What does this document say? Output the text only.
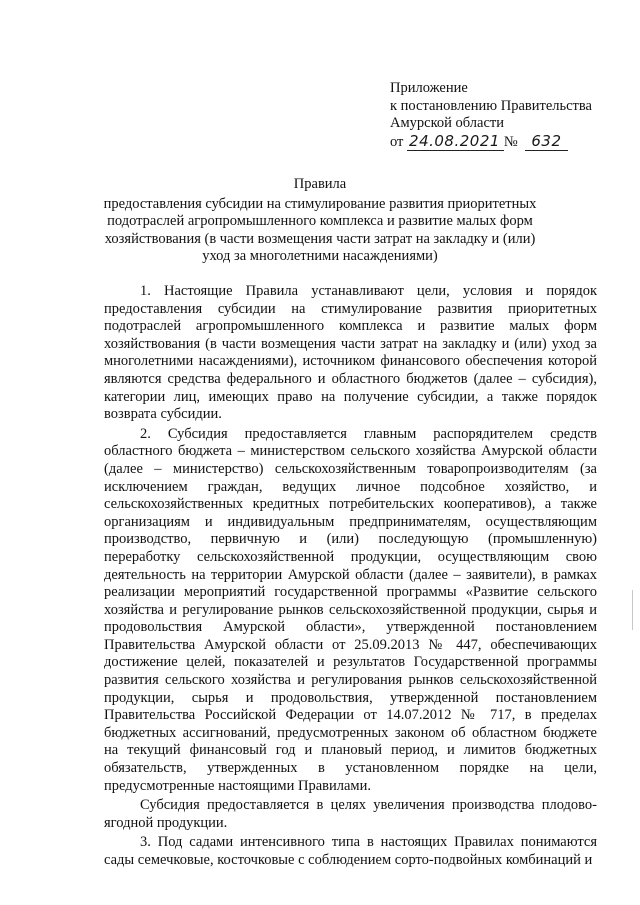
Приложение
к постановлению Правительства
Амурской области
от 24.08.2021 № 632
Правила
предоставления субсидии на стимулирование развития приоритетных подотраслей агропромышленного комплекса и развитие малых форм хозяйствования (в части возмещения части затрат на закладку и (или) уход за многолетними насаждениями)

1. Настоящие Правила устанавливают цели, условия и порядок предоставления субсидии на стимулирование развития приоритетных подотраслей агропромышленного комплекса и развитие малых форм хозяйствования (в части возмещения части затрат на закладку и (или) уход за многолетними насаждениями), источником финансового обеспечения которой являются средства федерального и областного бюджетов (далее – субсидия), категории лиц, имеющих право на получение субсидии, а также порядок возврата субсидии.

2. Субсидия предоставляется главным распорядителем средств областного бюджета – министерством сельского хозяйства Амурской области (далее – министерство) сельскохозяйственным товаропроизводителям (за исключением граждан, ведущих личное подсобное хозяйство, и сельскохозяйственных кредитных потребительских кооперативов), а также организациям и индивидуальным предпринимателям, осуществляющим производство, первичную и (или) последующую (промышленную) переработку сельскохозяйственной продукции, осуществляющим свою деятельность на территории Амурской области (далее – заявители), в рамках реализации мероприятий государственной программы «Развитие сельского хозяйства и регулирование рынков сельскохозяйственной продукции, сырья и продовольствия Амурской области», утвержденной постановлением Правительства Амурской области от 25.09.2013 № 447, обеспечивающих достижение целей, показателей и результатов Государственной программы развития сельского хозяйства и регулирования рынков сельскохозяйственной продукции, сырья и продовольствия, утвержденной постановлением Правительства Российской Федерации от 14.07.2012 № 717, в пределах бюджетных ассигнований, предусмотренных законом об областном бюджете на текущий финансовый год и плановый период, и лимитов бюджетных обязательств, утвержденных в установленном порядке на цели, предусмотренные настоящими Правилами.

Субсидия предоставляется в целях увеличения производства плодово-ягодной продукции.

3. Под садами интенсивного типа в настоящих Правилах понимаются сады семечковые, косточковые с соблюдением сорто-подвойных комбинаций и
